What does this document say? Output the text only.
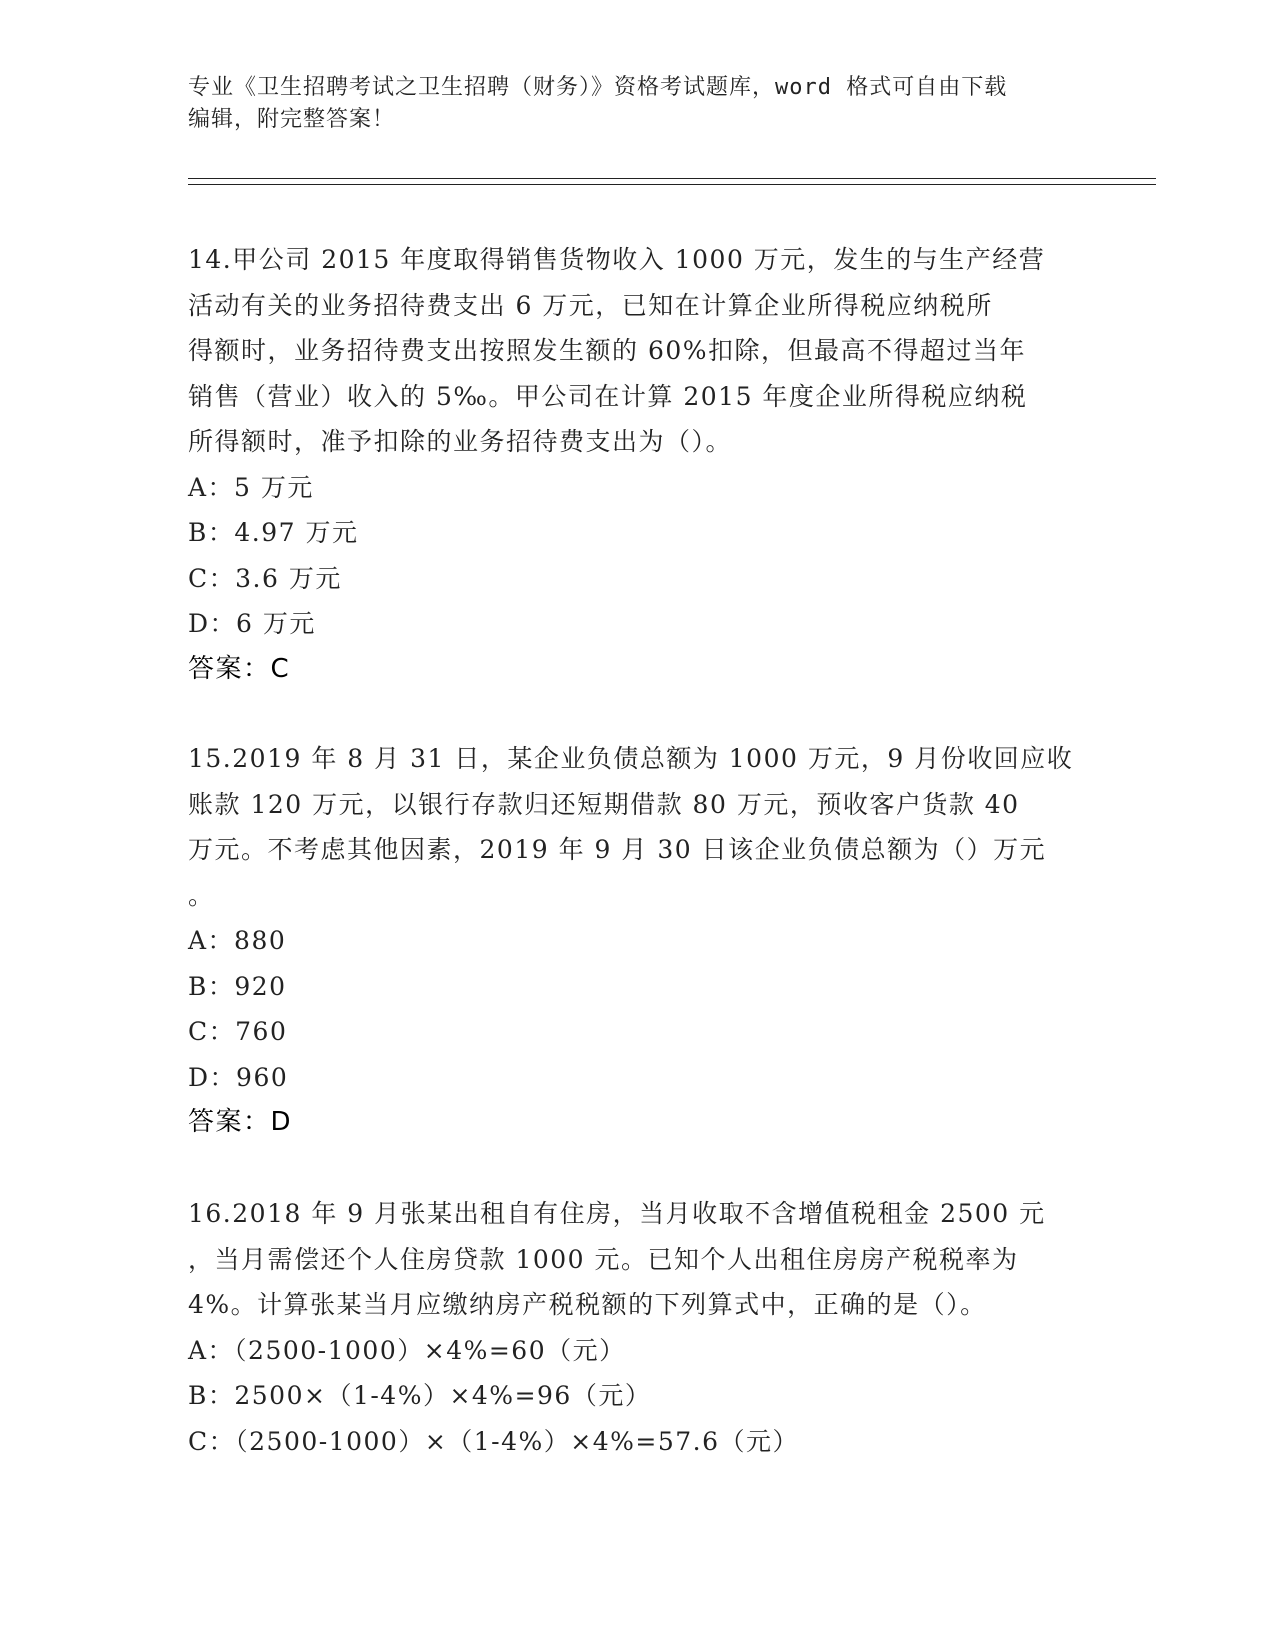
专业《卫生招聘考试之卫生招聘（财务）》资格考试题库，word 格式可自由下载
编辑，附完整答案！
14.甲公司 2015 年度取得销售货物收入 1000 万元，发生的与生产经营
活动有关的业务招待费支出 6 万元，已知在计算企业所得税应纳税所
得额时，业务招待费支出按照发生额的 60%扣除，但最高不得超过当年
销售（营业）收入的 5‰。甲公司在计算 2015 年度企业所得税应纳税
所得额时，准予扣除的业务招待费支出为（）。
A：5 万元
B：4.97 万元
C：3.6 万元
D：6 万元
答案：C
15.2019 年 8 月 31 日，某企业负债总额为 1000 万元，9 月份收回应收
账款 120 万元，以银行存款归还短期借款 80 万元，预收客户货款 40
万元。不考虑其他因素，2019 年 9 月 30 日该企业负债总额为（）万元
。
A：880
B：920
C：760
D：960
答案：D
16.2018 年 9 月张某出租自有住房，当月收取不含增值税租金 2500 元
，当月需偿还个人住房贷款 1000 元。已知个人出租住房房产税税率为
4%。计算张某当月应缴纳房产税税额的下列算式中，正确的是（）。
A：（2500-1000）×4%=60（元）
B：2500×（1-4%）×4%=96（元）
C：（2500-1000）×（1-4%）×4%=57.6（元）
